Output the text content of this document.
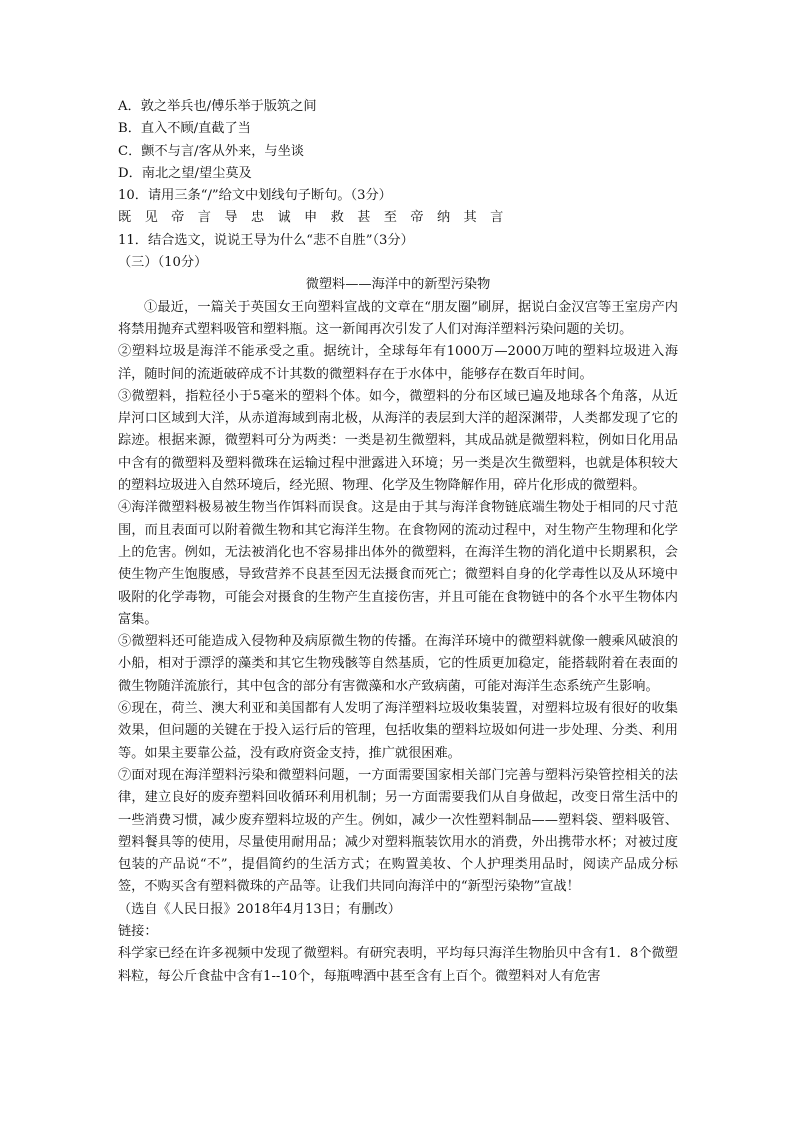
A．敦之举兵也/傅乐举于版筑之间
B．直入不顾/直截了当
C．颤不与言/客从外来，与坐谈
D．南北之望/望尘莫及
10．请用三条“/”给文中划线句子断句。（3分）
既 见 帝 言 导 忠 诚 申 救 甚 至 帝 纳 其 言
11．结合选文，说说王导为什么“悲不自胜”（3分）
（三）（10分）
微塑料——海洋中的新型污染物
①最近，一篇关于英国女王向塑料宣战的文章在“朋友圈”刷屏，据说白金汉宫等王室房产内将禁用抛弃式塑料吸管和塑料瓶。这一新闻再次引发了人们对海洋塑料污染问题的关切。
②塑料垃圾是海洋不能承受之重。据统计，全球每年有1000万—2000万吨的塑料垃圾进入海洋，随时间的流逝破碎成不计其数的微塑料存在于水体中，能够存在数百年时间。
③微塑料，指粒径小于5毫米的塑料个体。如今，微塑料的分布区域已遍及地球各个角落，从近岸河口区域到大洋，从赤道海域到南北极，从海洋的表层到大洋的超深渊带，人类都发现了它的踪迹。根据来源，微塑料可分为两类：一类是初生微塑料，其成品就是微塑料粒，例如日化用品中含有的微塑料及塑料微珠在运输过程中泄露进入环境；另一类是次生微塑料，也就是体积较大的塑料垃圾进入自然环境后，经光照、物理、化学及生物降解作用，碎片化形成的微塑料。
④海洋微塑料极易被生物当作饵料而误食。这是由于其与海洋食物链底端生物处于相同的尺寸范围，而且表面可以附着微生物和其它海洋生物。在食物网的流动过程中，对生物产生物理和化学上的危害。例如，无法被消化也不容易排出体外的微塑料，在海洋生物的消化道中长期累积，会使生物产生饱腹感，导致营养不良甚至因无法摄食而死亡；微塑料自身的化学毒性以及从环境中吸附的化学毒物，可能会对摄食的生物产生直接伤害，并且可能在食物链中的各个水平生物体内富集。
⑤微塑料还可能造成入侵物种及病原微生物的传播。在海洋环境中的微塑料就像一艘乘风破浪的小船，相对于漂浮的藻类和其它生物残骸等自然基质，它的性质更加稳定，能搭载附着在表面的微生物随洋流旅行，其中包含的部分有害微藻和水产致病菌，可能对海洋生态系统产生影响。
⑥现在，荷兰、澳大利亚和美国都有人发明了海洋塑料垃圾收集装置，对塑料垃圾有很好的收集效果，但问题的关键在于投入运行后的管理，包括收集的塑料垃圾如何进一步处理、分类、利用等。如果主要靠公益，没有政府资金支持，推广就很困难。
⑦面对现在海洋塑料污染和微塑料问题，一方面需要国家相关部门完善与塑料污染管控相关的法律，建立良好的废弃塑料回收循环利用机制；另一方面需要我们从自身做起，改变日常生活中的一些消费习惯，减少废弃塑料垃圾的产生。例如，减少一次性塑料制品——塑料袋、塑料吸管、塑料餐具等的使用，尽量使用耐用品；减少对塑料瓶装饮用水的消费，外出携带水杯；对被过度包装的产品说“不”，提倡简约的生活方式；在购置美妆、个人护理类用品时，阅读产品成分标签，不购买含有塑料微珠的产品等。让我们共同向海洋中的“新型污染物”宣战！
（选自《人民日报》2018年4月13日；有删改）
链接：
科学家已经在许多视频中发现了微塑料。有研究表明，平均每只海洋生物胎贝中含有1．8个微塑料粒，每公斤食盐中含有1--10个，每瓶啤酒中甚至含有上百个。微塑料对人有危害
